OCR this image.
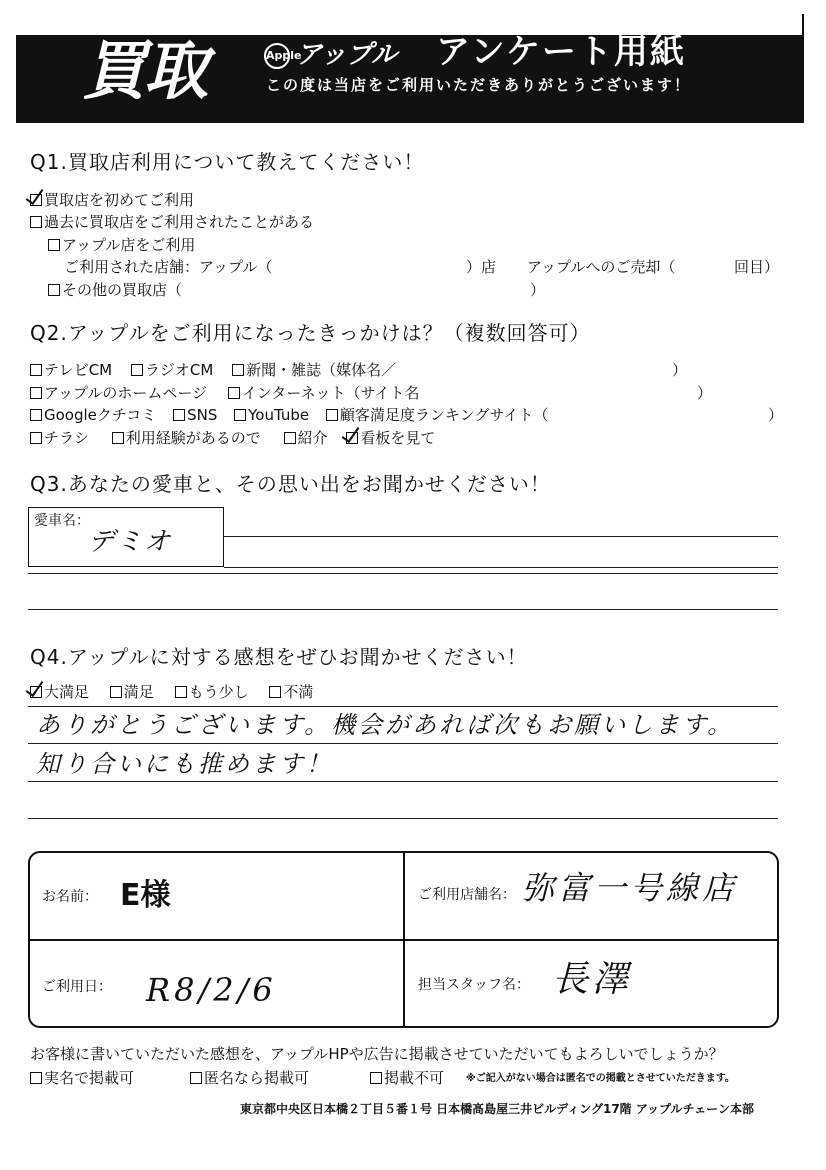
買取	Appleアップル アンケート用紙
この度は当店をご利用いただきありがとうございます！
Q1.買取店利用について教えてください！
買取店を初めてご利用
過去に買取店をご利用されたことがある
アップル店をご利用
ご利用された店舗：アップル（	）店 アップルへのご売却（	回目）
その他の買取店（	）
Q2.アップルをご利用になったきっかけは？（複数回答可）
テレビCM ラジオCM 新聞・雑誌（媒体名／	）
アップルのホームページ インターネット（サイト名	）
Googleクチコミ SNS YouTube 顧客満足度ランキングサイト（	）
チラシ 利用経験があるので 紹介 看板を見て
Q3.あなたの愛車と、その思い出をお聞かせください！
愛車名：
デミオ
Q4.アップルに対する感想をぜひお聞かせください！
大満足 満足 もう少し 不満
ありがとうございます。機会があれば次もお願いします。
知り合いにも推めます！
お名前： E様	ご利用店舗名： 弥富一号線店
ご利用日： R8/2/6	担当スタッフ名： 長澤
お客様に書いていただいた感想を、アップルHPや広告に掲載させていただいてもよろしいでしょうか？
実名で掲載可	匿名なら掲載可	掲載不可 ※ご記入がない場合は匿名での掲載とさせていただきます。
東京都中央区日本橋２丁目５番１号 日本橋髙島屋三井ビルディング17階 アップルチェーン本部
